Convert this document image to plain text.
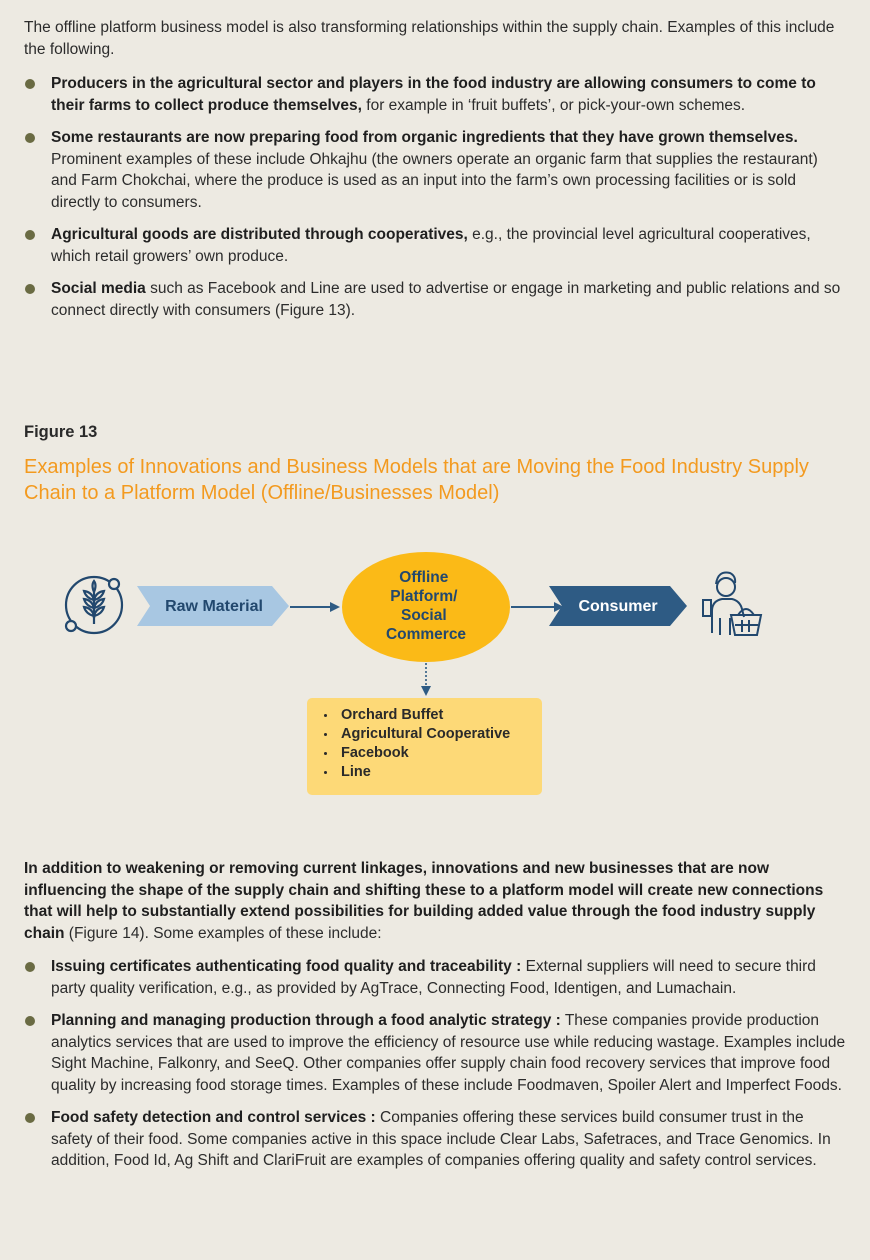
The offline platform business model is also transforming relationships within the supply chain. Examples of this include the following.
Producers in the agricultural sector and players in the food industry are allowing consumers to come to their farms to collect produce themselves, for example in ‘fruit buffets’, or pick-your-own schemes.
Some restaurants are now preparing food from organic ingredients that they have grown themselves. Prominent examples of these include Ohkajhu (the owners operate an organic farm that supplies the restaurant) and Farm Chokchai, where the produce is used as an input into the farm’s own processing facilities or is sold directly to consumers.
Agricultural goods are distributed through cooperatives, e.g., the provincial level agricultural cooperatives, which retail growers’ own produce.
Social media such as Facebook and Line are used to advertise or engage in marketing and public relations and so connect directly with consumers (Figure 13).
Figure 13
Examples of Innovations and Business Models that are Moving the Food Industry Supply Chain to a Platform Model (Offline/Businesses Model)
Raw Material
Offline Platform/ Social Commerce
Consumer
Orchard Buffet
Agricultural Cooperative
Facebook
Line
In addition to weakening or removing current linkages, innovations and new businesses that are now influencing the shape of the supply chain and shifting these to a platform model will create new connections that will help to substantially extend possibilities for building added value through the food industry supply chain (Figure 14). Some examples of these include:
Issuing certificates authenticating food quality and traceability : External suppliers will need to secure third party quality verification, e.g., as provided by AgTrace, Connecting Food, Identigen, and Lumachain.
Planning and managing production through a food analytic strategy : These companies provide production analytics services that are used to improve the efficiency of resource use while reducing wastage. Examples include Sight Machine, Falkonry, and SeeQ. Other companies offer supply chain food recovery services that improve food quality by increasing food storage times. Examples of these include Foodmaven, Spoiler Alert and Imperfect Foods.
Food safety detection and control services : Companies offering these services build consumer trust in the safety of their food. Some companies active in this space include Clear Labs, Safetraces, and Trace Genomics. In addition, Food Id, Ag Shift and ClariFruit are examples of companies offering quality and safety control services.
